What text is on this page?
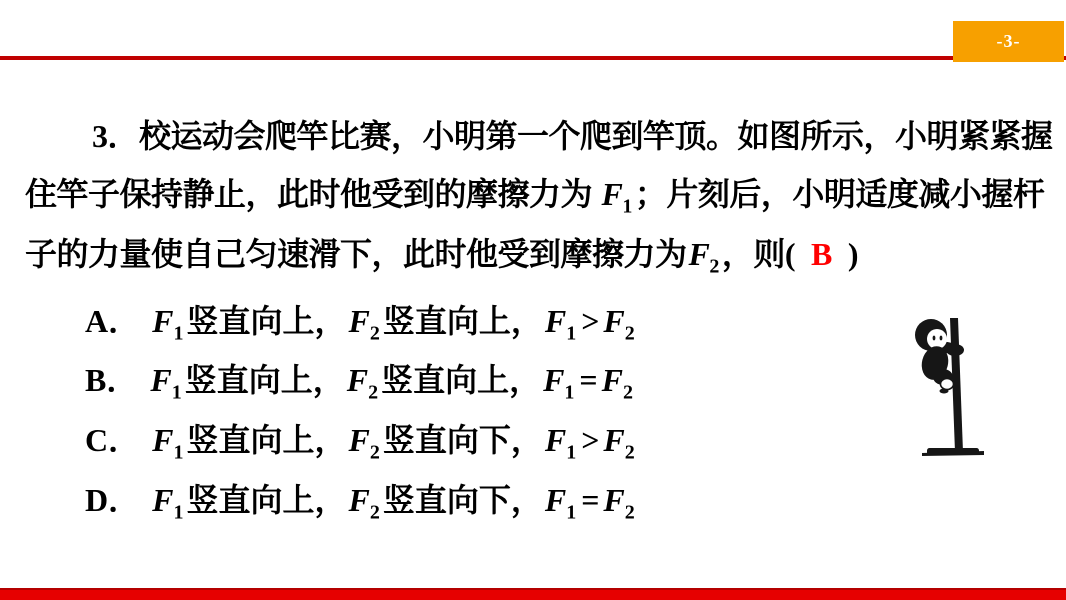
-3-
3．校运动会爬竿比赛，小明第一个爬到竿顶。如图所示，小明紧紧握
住竿子保持静止，此时他受到的摩擦力为 $F_1$；片刻后，小明适度减小握杆
子的力量使自己匀速滑下，此时他受到摩擦力为$F_2$，则( B )
A． $F_1$竖直向上，$F_2$竖直向上，$F_1 > F_2$
B． $F_1$竖直向上，$F_2$竖直向上，$F_1 = F_2$
C． $F_1$竖直向上，$F_2$竖直向下，$F_1 > F_2$
D． $F_1$竖直向上，$F_2$竖直向下，$F_1 = F_2$
